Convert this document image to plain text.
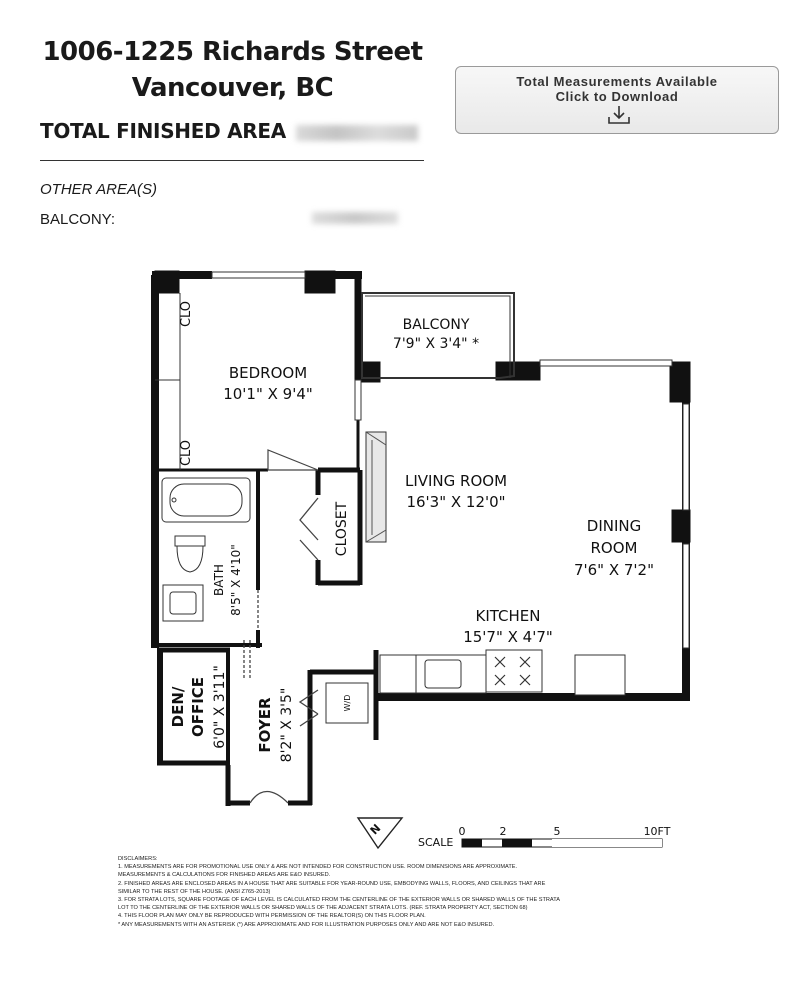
1006-1225 Richards Street
Vancouver, BC
TOTAL FINISHED AREA
OTHER AREA(S)
BALCONY:
Total Measurements Available
Click to Download
BEDROOM
10'1" X 9'4"
BALCONY
7'9" X 3'4" *
LIVING ROOM
16'3" X 12'0"
DINING
ROOM
7'6" X 7'2"
KITCHEN
15'7" X 4'7"
CLOSET
CLO
CLO
BATH 8'5" X 4'10"
DEN/ OFFICE 6'0" X 3'11" FOYER 8'2" X 3'5"	W/D
N
SCALE
0	2	5	10FT
DISCLAIMERS:
1. MEASUREMENTS ARE FOR PROMOTIONAL USE ONLY & ARE NOT INTENDED FOR CONSTRUCTION USE. ROOM DIMENSIONS ARE APPROXIMATE.
MEASUREMENTS & CALCULATIONS FOR FINISHED AREAS ARE E&O INSURED.
2. FINISHED AREAS ARE ENCLOSED AREAS IN A HOUSE THAT ARE SUITABLE FOR YEAR-ROUND USE, EMBODYING WALLS, FLOORS, AND CEILINGS THAT ARE
SIMILAR TO THE REST OF THE HOUSE. (ANSI Z765-2013)
3. FOR STRATA LOTS, SQUARE FOOTAGE OF EACH LEVEL IS CALCULATED FROM THE CENTERLINE OF THE EXTERIOR WALLS OR SHARED WALLS OF THE STRATA
LOT TO THE CENTERLINE OF THE EXTERIOR WALLS OR SHARED WALLS OF THE ADJACENT STRATA LOTS. (REF. STRATA PROPERTY ACT, SECTION 68)
4. THIS FLOOR PLAN MAY ONLY BE REPRODUCED WITH PERMISSION OF THE REALTOR(S) ON THIS FLOOR PLAN.
* ANY MEASUREMENTS WITH AN ASTERISK (*) ARE APPROXIMATE AND FOR ILLUSTRATION PURPOSES ONLY AND ARE NOT E&O INSURED.
